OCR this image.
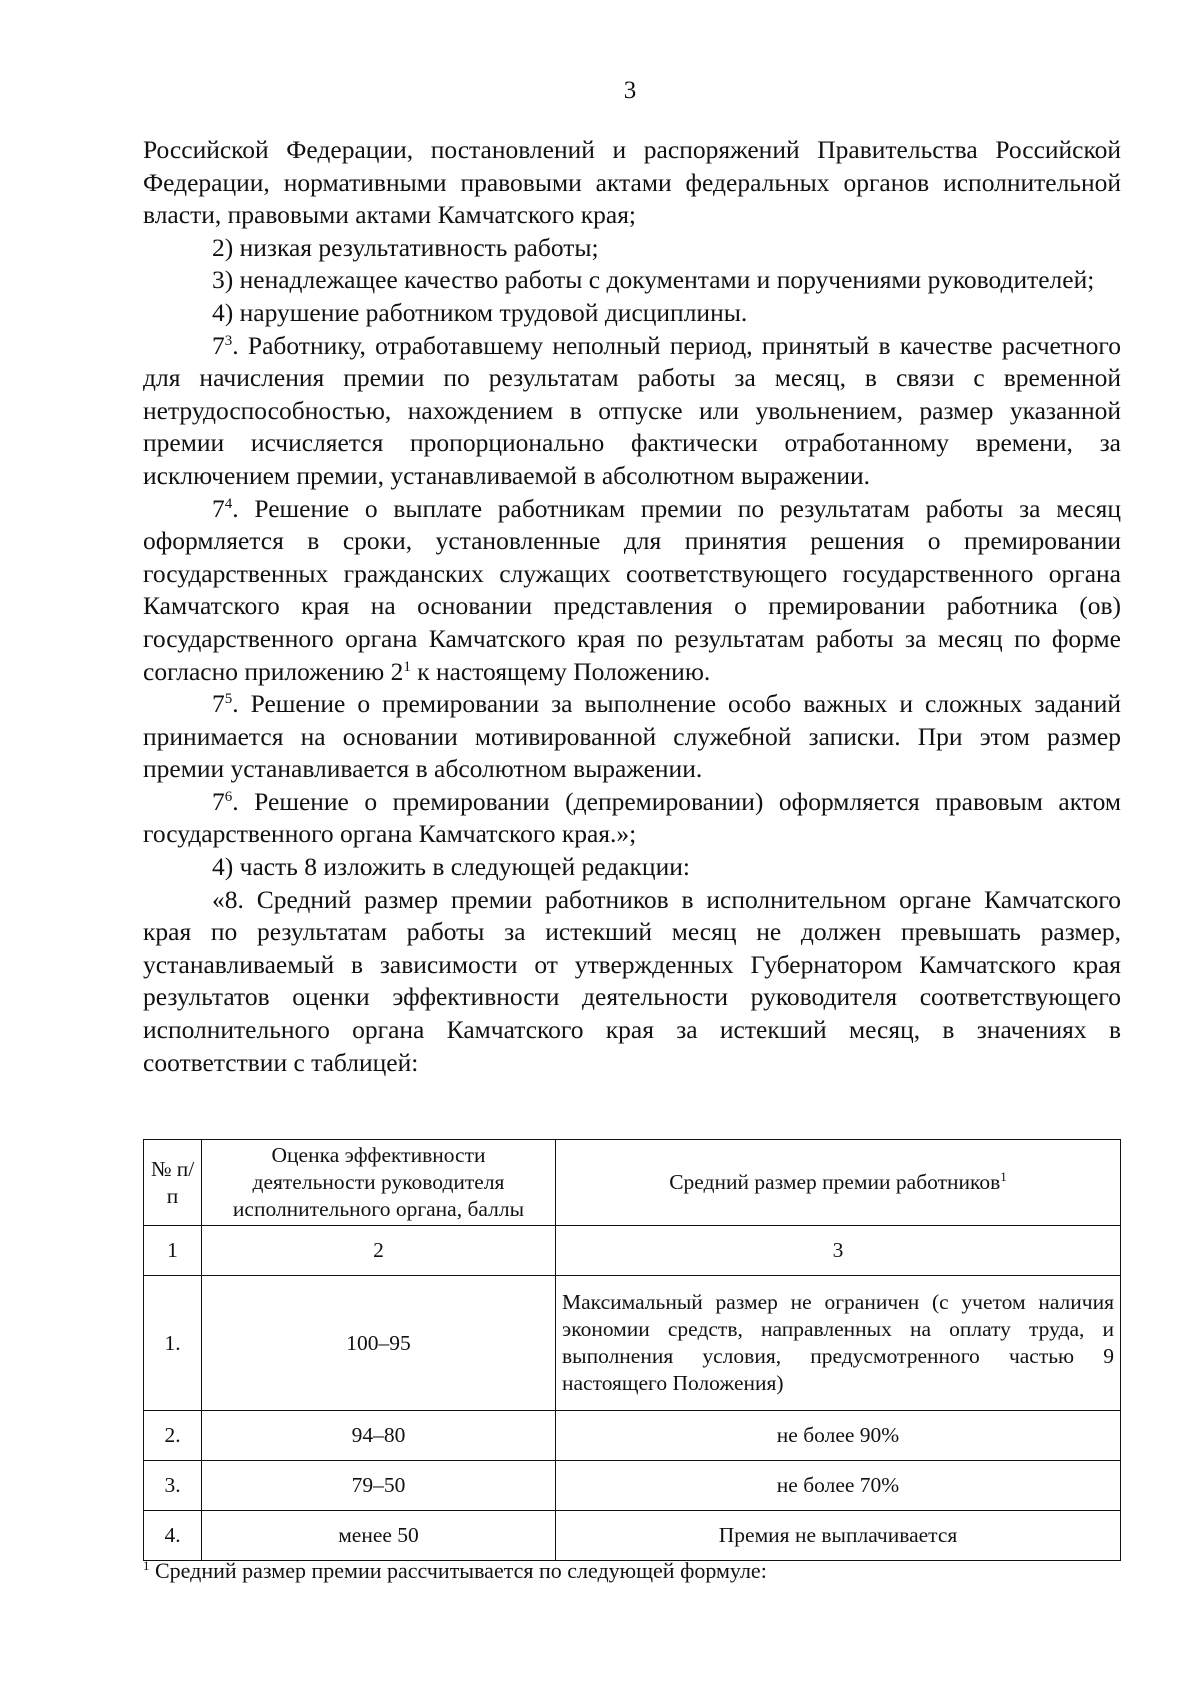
3

Российской Федерации, постановлений и распоряжений Правительства Российской Федерации, нормативными правовыми актами федеральных органов исполнительной власти, правовыми актами Камчатского края;

2) низкая результативность работы;

3) ненадлежащее качество работы с документами и поручениями руководителей;

4) нарушение работником трудовой дисциплины.

$7^3$. Работнику, отработавшему неполный период, принятый в качестве расчетного для начисления премии по результатам работы за месяц, в связи с временной нетрудоспособностью, нахождением в отпуске или увольнением, размер указанной премии исчисляется пропорционально фактически отработанному времени, за исключением премии, устанавливаемой в абсолютном выражении.

$7^4$. Решение о выплате работникам премии по результатам работы за месяц оформляется в сроки, установленные для принятия решения о премировании государственных гражданских служащих соответствующего государственного органа Камчатского края на основании представления о премировании работника (ов) государственного органа Камчатского края по результатам работы за месяц по форме согласно приложению $2^1$ к настоящему Положению.

$7^5$. Решение о премировании за выполнение особо важных и сложных заданий принимается на основании мотивированной служебной записки. При этом размер премии устанавливается в абсолютном выражении.

$7^6$. Решение о премировании (депремировании) оформляется правовым актом государственного органа Камчатского края.»;

4) часть 8 изложить в следующей редакции:

«8. Средний размер премии работников в исполнительном органе Камчатского края по результатам работы за истекший месяц не должен превышать размер, устанавливаемый в зависимости от утвержденных Губернатором Камчатского края результатов оценки эффективности деятельности руководителя соответствующего исполнительного органа Камчатского края за истекший месяц, в значениях в соответствии с таблицей:

№ п/п	Оценка эффективности деятельности руководителя исполнительного органа, баллы	Средний размер премии работников$^1$
1	2	3
1.	100–95	Максимальный размер не ограничен (с учетом наличия экономии средств, направленных на оплату труда, и выполнения условия, предусмотренного частью 9 настоящего Положения)
2.	94–80	не более 90%
3.	79–50	не более 70%
4.	менее 50	Премия не выплачивается
$^1$ Средний размер премии рассчитывается по следующей формуле:
